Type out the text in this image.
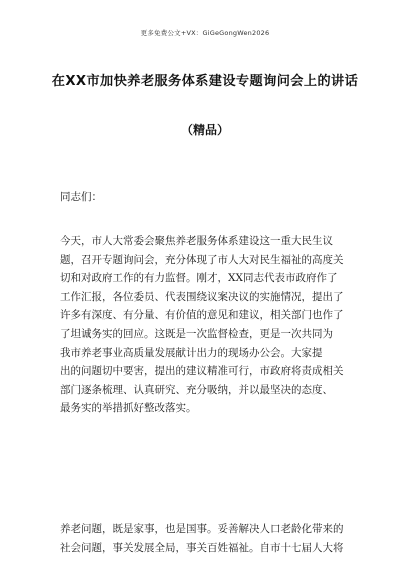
更多免费公文+VX：GiGeGongWen2026
在XX市加快养老服务体系建设专题询问会上的讲话
（精品）
同志们：
今天，市人大常委会聚焦养老服务体系建设这一重大民生议
题，召开专题询问会，充分体现了市人大对民生福祉的高度关
切和对政府工作的有力监督。刚才，XX同志代表市政府作了
工作汇报，各位委员、代表围绕议案决议的实施情况，提出了
许多有深度、有分量、有价值的意见和建议，相关部门也作了
了坦诚务实的回应。这既是一次监督检查，更是一次共同为
我市养老事业高质量发展献计出力的现场办公会。大家提
出的问题切中要害，提出的建议精准可行，市政府将责成相关
部门逐条梳理、认真研究、充分吸纳，并以最坚决的态度、
最务实的举措抓好整改落实。
养老问题，既是家事，也是国事。妥善解决人口老龄化带来的
社会问题，事关发展全局，事关百姓福祉。自市十七届人大将
